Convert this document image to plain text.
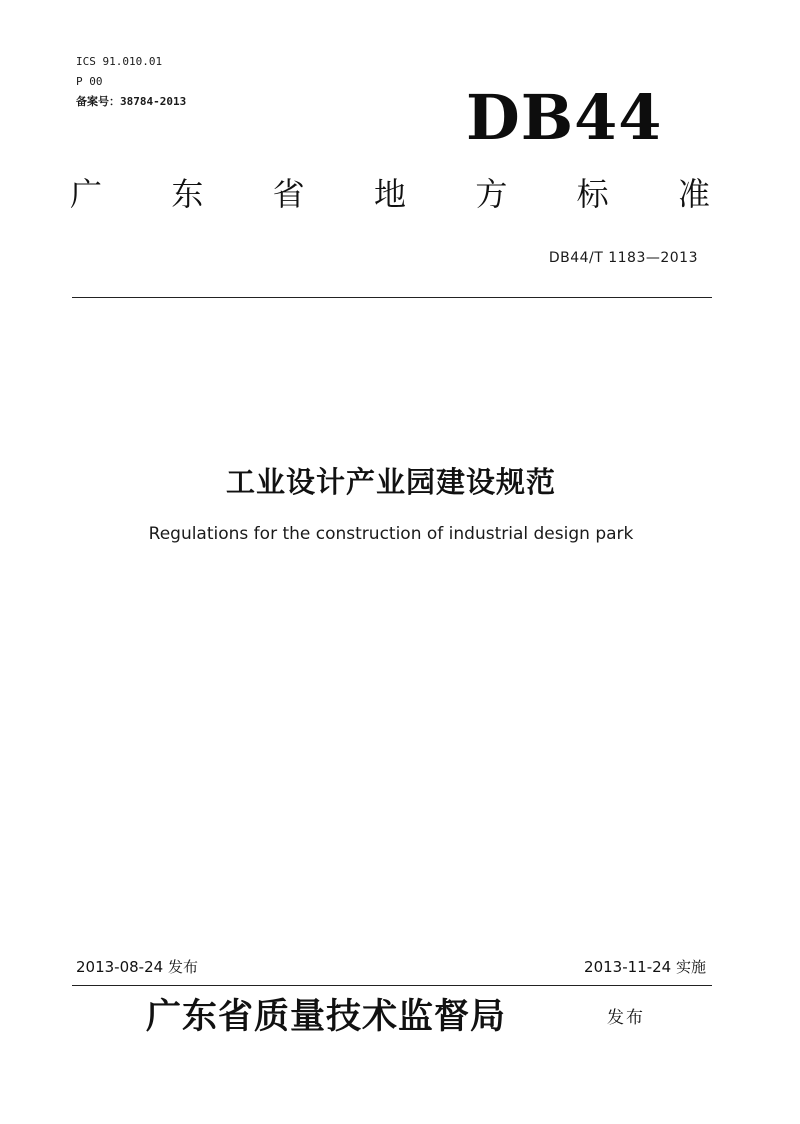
ICS 91.010.01
P 00
备案号：38784-2013	DB44
广 东 省 地 方 标 准
DB44/T 1183—2013
工业设计产业园建设规范
Regulations for the construction of industrial design park
2013-08-24 发布	2013-11-24 实施
广东省质量技术监督局	发布
